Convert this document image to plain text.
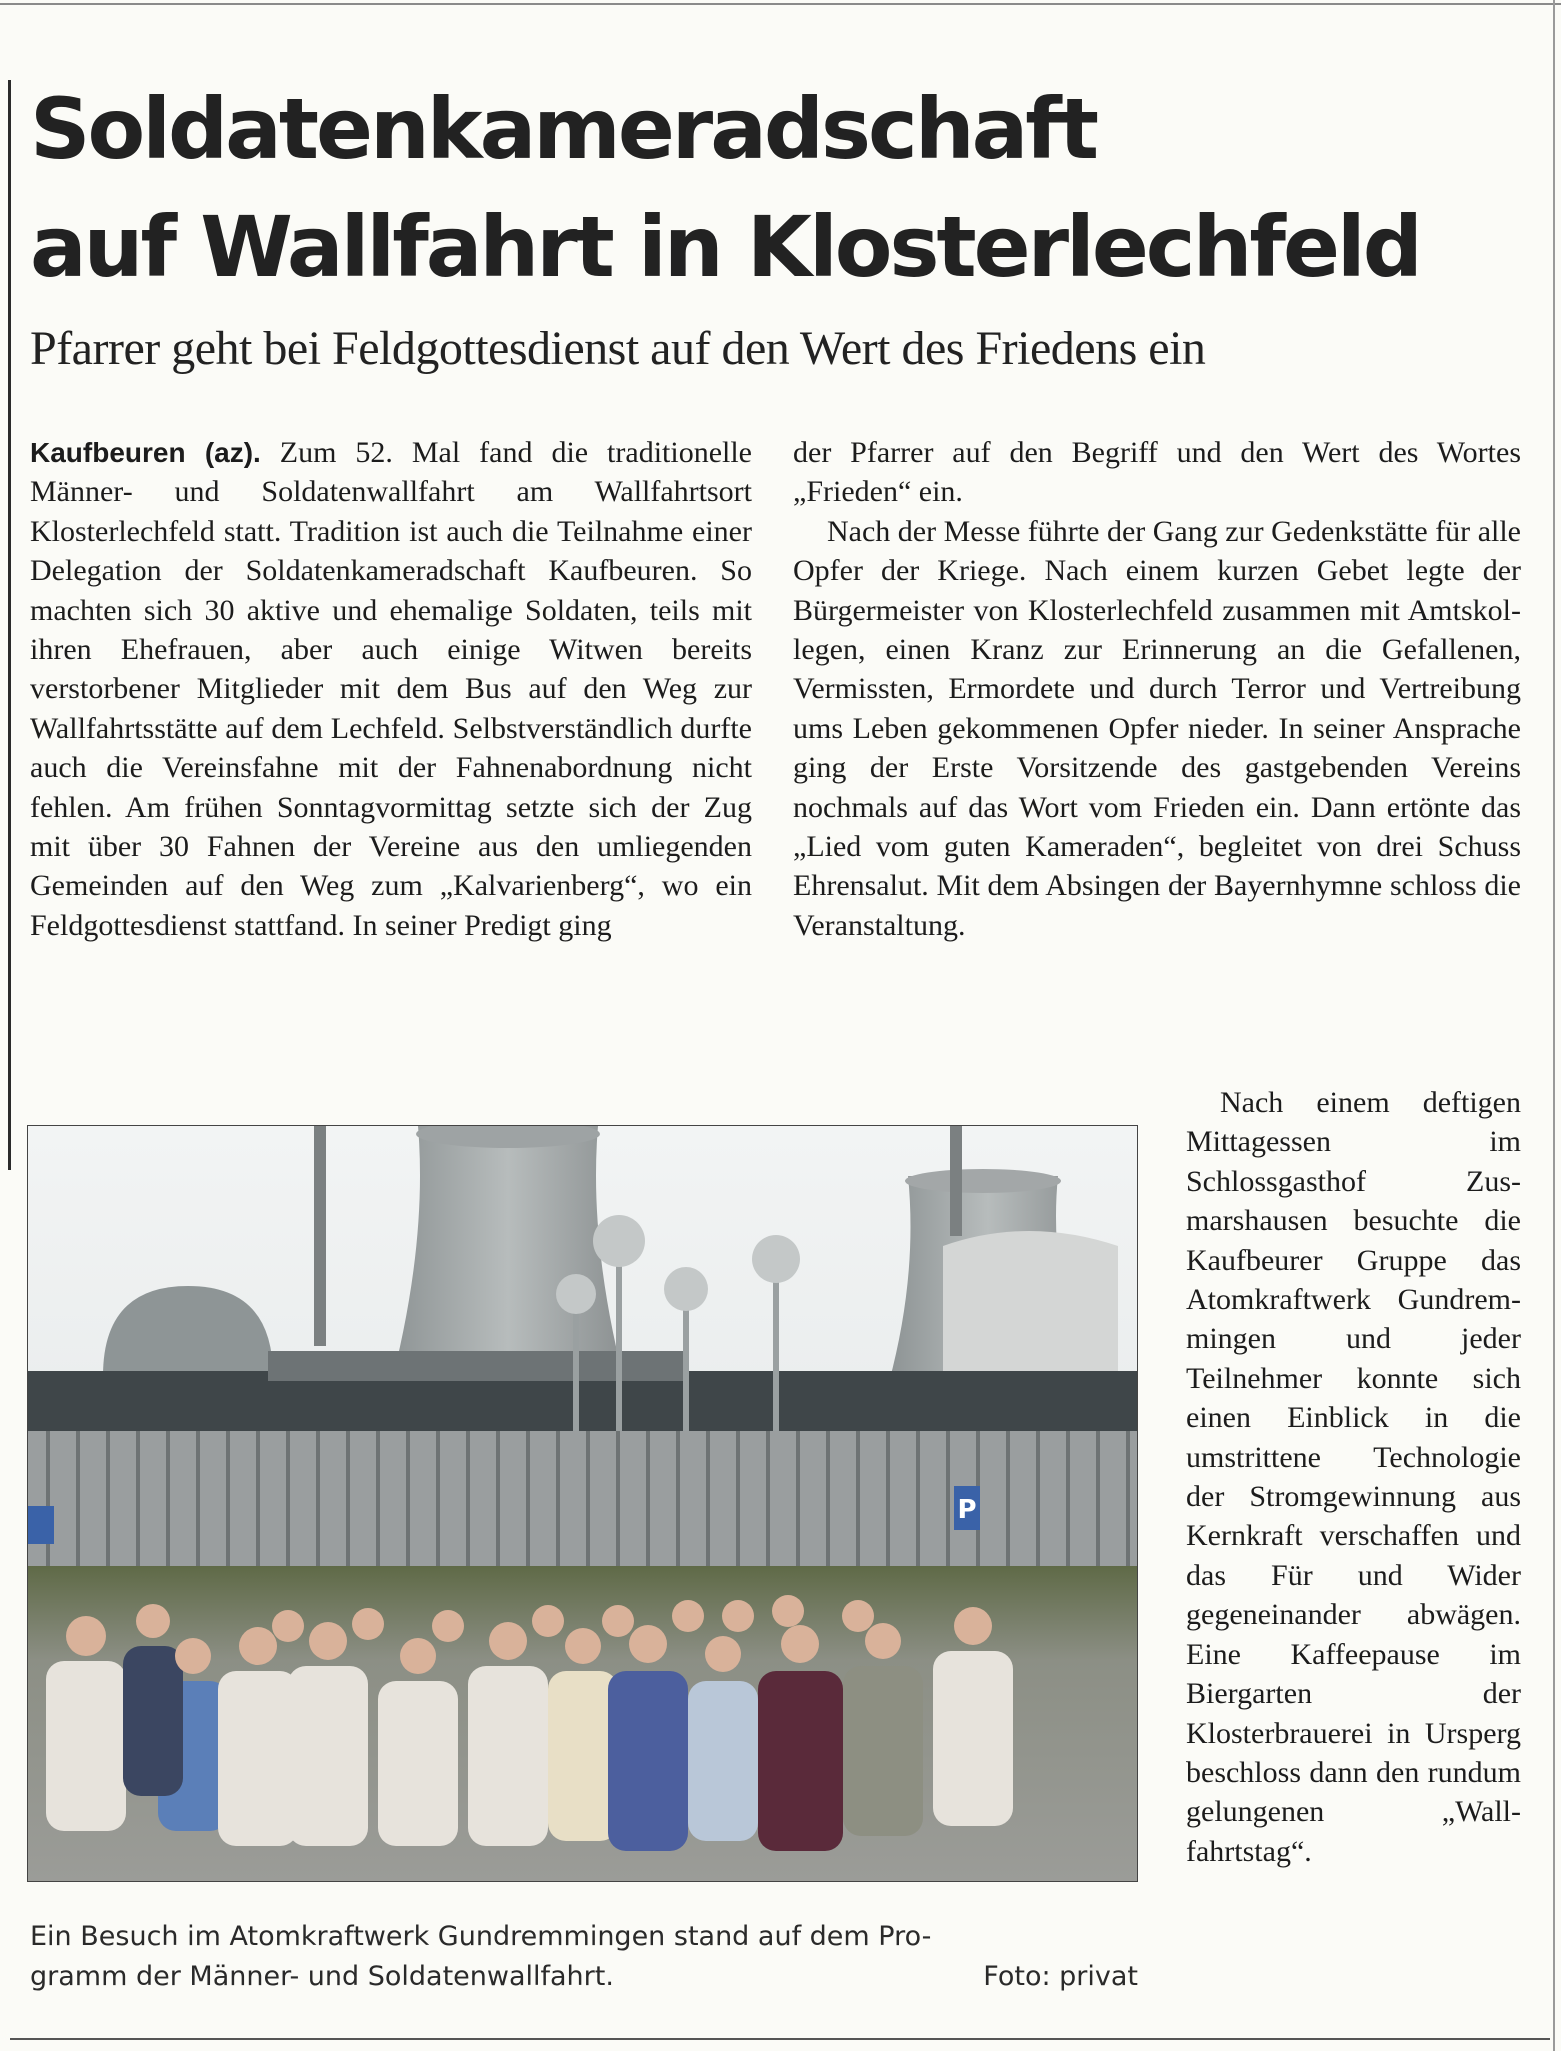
Soldatenkameradschaft
auf Wallfahrt in Klosterlechfeld
Pfarrer geht bei Feldgottesdienst auf den Wert des Friedens ein

Kaufbeuren (az). Zum 52. Mal fand die traditionelle Männer- und Soldatenwallfahrt am Wallfahrtsort Klosterlechfeld statt. Tradition ist auch die Teilnahme einer Delegation der Soldatenkameradschaft Kaufbeuren. So machten sich 30 aktive und ehemalige Soldaten, teils mit ihren Ehefrauen, aber auch einige Witwen bereits verstorbener Mitglieder mit dem Bus auf den Weg zur Wallfahrtsstätte auf dem Lechfeld. Selbstverständlich durfte auch die Vereinsfahne mit der Fahnenabordnung nicht fehlen. Am frühen Sonntagvormittag setzte sich der Zug mit über 30 Fahnen der Vereine aus den umliegenden Gemeinden auf den Weg zum „Kalvarienberg“, wo ein Feldgottesdienst stattfand. In seiner Predigt ging

der Pfarrer auf den Begriff und den Wert des Wortes „Frieden“ ein.

Nach der Messe führte der Gang zur Gedenkstätte für alle Opfer der Kriege. Nach einem kurzen Gebet legte der Bürgermeister von Klosterlechfeld zusammen mit Amtskollegen, einen Kranz zur Erinnerung an die Gefallenen, Vermissten, Ermordete und durch Terror und Vertreibung ums Leben gekommenen Opfer nieder. In seiner Ansprache ging der Erste Vorsitzende des gastgebenden Vereins nochmals auf das Wort vom Frieden ein. Dann ertönte das „Lied vom guten Kameraden“, begleitet von drei Schuss Ehrensalut. Mit dem Absingen der Bayernhymne schloss die Veranstaltung.

Nach einem deftigen Mittagessen im Schlossgasthof Zusmarshausen besuchte die Kaufbeurer Gruppe das Atomkraftwerk Gundremmingen und jeder Teilnehmer konnte sich einen Einblick in die umstrittene Technologie der Stromgewinnung aus Kernkraft verschaffen und das Für und Wider gegeneinander abwägen. Eine Kaffeepause im Biergarten der Klosterbrauerei in Ursperg beschloss dann den rundum gelungenen „Wallfahrtstag“.

P
Ein Besuch im Atomkraftwerk Gundremmingen stand auf dem Pro-
gramm der Männer- und Soldatenwallfahrt.	Foto: privat
